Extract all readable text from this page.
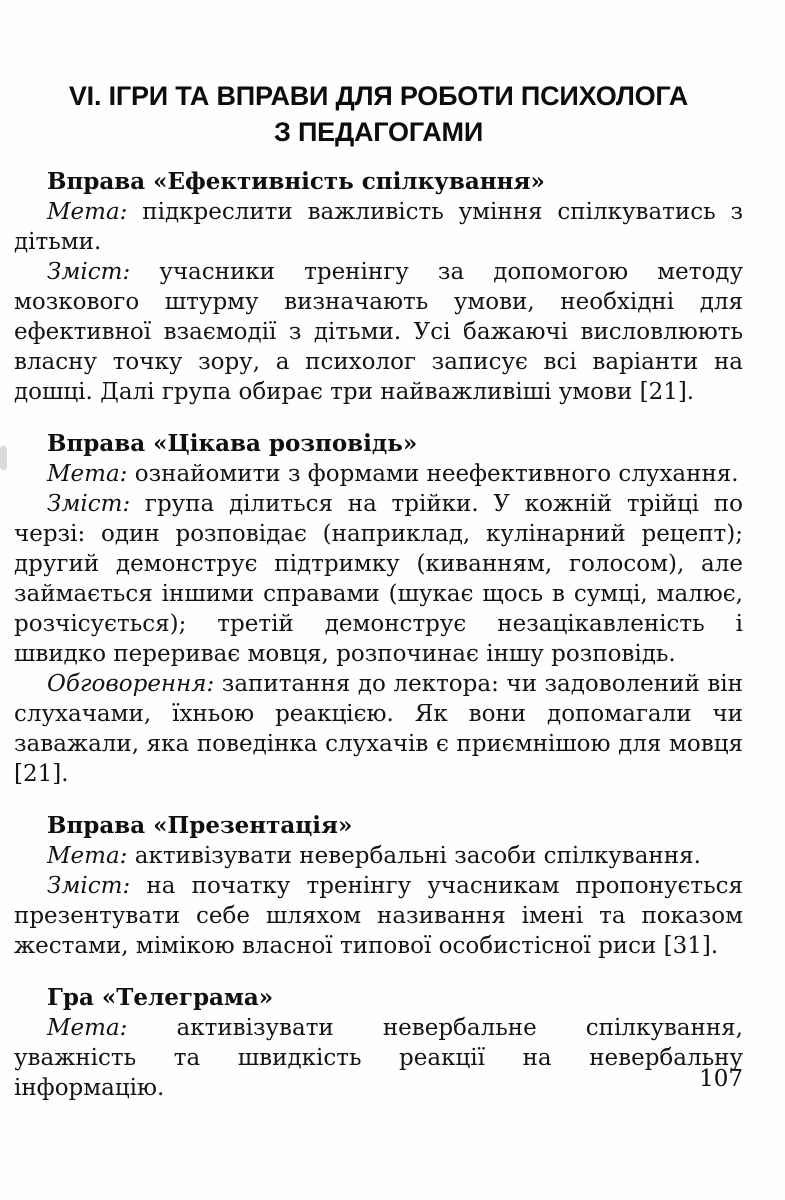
VI. ІГРИ ТА ВПРАВИ ДЛЯ РОБОТИ ПСИХОЛОГА
З ПЕДАГОГАМИ
Вправа «Ефективність спілкування»

Мета: підкреслити важливість уміння спілкуватись з дітьми.

Зміст: учасники тренінгу за допомогою методу мозкового штурму визначають умови, необхідні для ефективної взаємодії з дітьми. Усі бажаючі висловлюють власну точку зору, а психолог записує всі варіанти на дошці. Далі група обирає три найважливіші умови [21].

Вправа «Цікава розповідь»

Мета: ознайомити з формами неефективного слухання.

Зміст: група ділиться на трійки. У кожній трійці по черзі: один розповідає (наприклад, кулінарний рецепт); другий демонструє підтримку (киванням, голосом), але займається іншими справами (шукає щось в сумці, малює, розчісується); третій демонструє незацікавленість і швидко перериває мовця, розпочинає іншу розповідь.

Обговорення: запитання до лектора: чи задоволений він слухачами, їхньою реакцією. Як вони допомагали чи заважали, яка поведінка слухачів є приємнішою для мовця [21].

Вправа «Презентація»

Мета: активізувати невербальні засоби спілкування.

Зміст: на початку тренінгу учасникам пропонується презентувати себе шляхом називання імені та показом жестами, мімікою власної типової особистісної риси [31].

Гра «Телеграма»

Мета: активізувати невербальне спілкування, уважність та швидкість реакції на невербальну інформацію.	107
